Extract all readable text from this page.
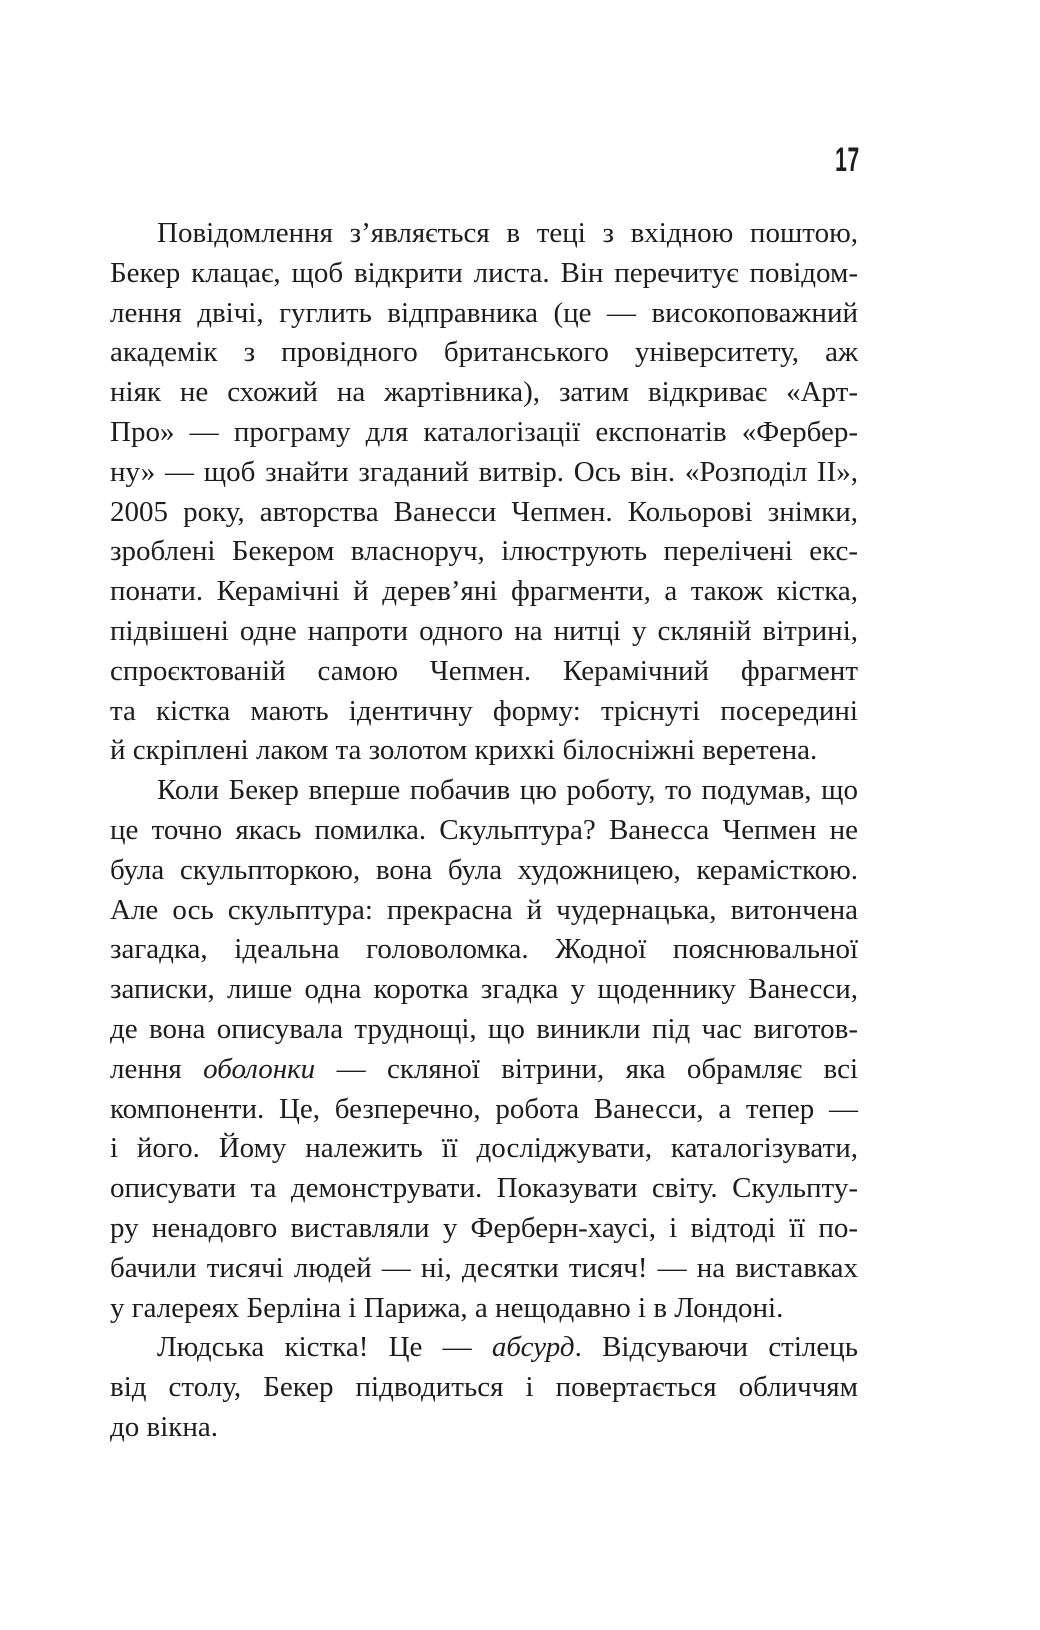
17
Повідомлення з’являється в теці з вхідною поштою,
Бекер клацає, щоб відкрити листа. Він перечитує повідом-
лення двічі, гуглить відправника (це — високоповажний
академік з провідного британського університету, аж
ніяк не схожий на жартівника), затим відкриває «Арт-
Про» — програму для каталогізації експонатів «Фербер-
ну» — щоб знайти згаданий витвір. Ось він. «Розподіл II»,
2005 року, авторства Ванесси Чепмен. Кольорові знімки,
зроблені Бекером власноруч, ілюструють перелічені екс-
понати. Керамічні й дерев’яні фрагменти, а також кістка,
підвішені одне напроти одного на нитці у скляній вітрині,
спроєктованій самою Чепмен. Керамічний фрагмент
та кістка мають ідентичну форму: тріснуті посередині
й скріплені лаком та золотом крихкі білосніжні веретена.
Коли Бекер вперше побачив цю роботу, то подумав, що
це точно якась помилка. Скульптура? Ванесса Чепмен не
була скульпторкою, вона була художницею, керамісткою.
Але ось скульптура: прекрасна й чудернацька, витончена
загадка, ідеальна головоломка. Жодної пояснювальної
записки, лише одна коротка згадка у щоденнику Ванесси,
де вона описувала труднощі, що виникли під час виготов-
лення оболонки — скляної вітрини, яка обрамляє всі
компоненти. Це, безперечно, робота Ванесси, а тепер —
і його. Йому належить її досліджувати, каталогізувати,
описувати та демонструвати. Показувати світу. Скульпту-
ру ненадовго виставляли у Ферберн-хаусі, і відтоді її по-
бачили тисячі людей — ні, десятки тисяч! — на виставках
у галереях Берліна і Парижа, а нещодавно і в Лондоні.
Людська кістка! Це — абсурд. Відсуваючи стілець
від столу, Бекер підводиться і повертається обличчям
до вікна.
